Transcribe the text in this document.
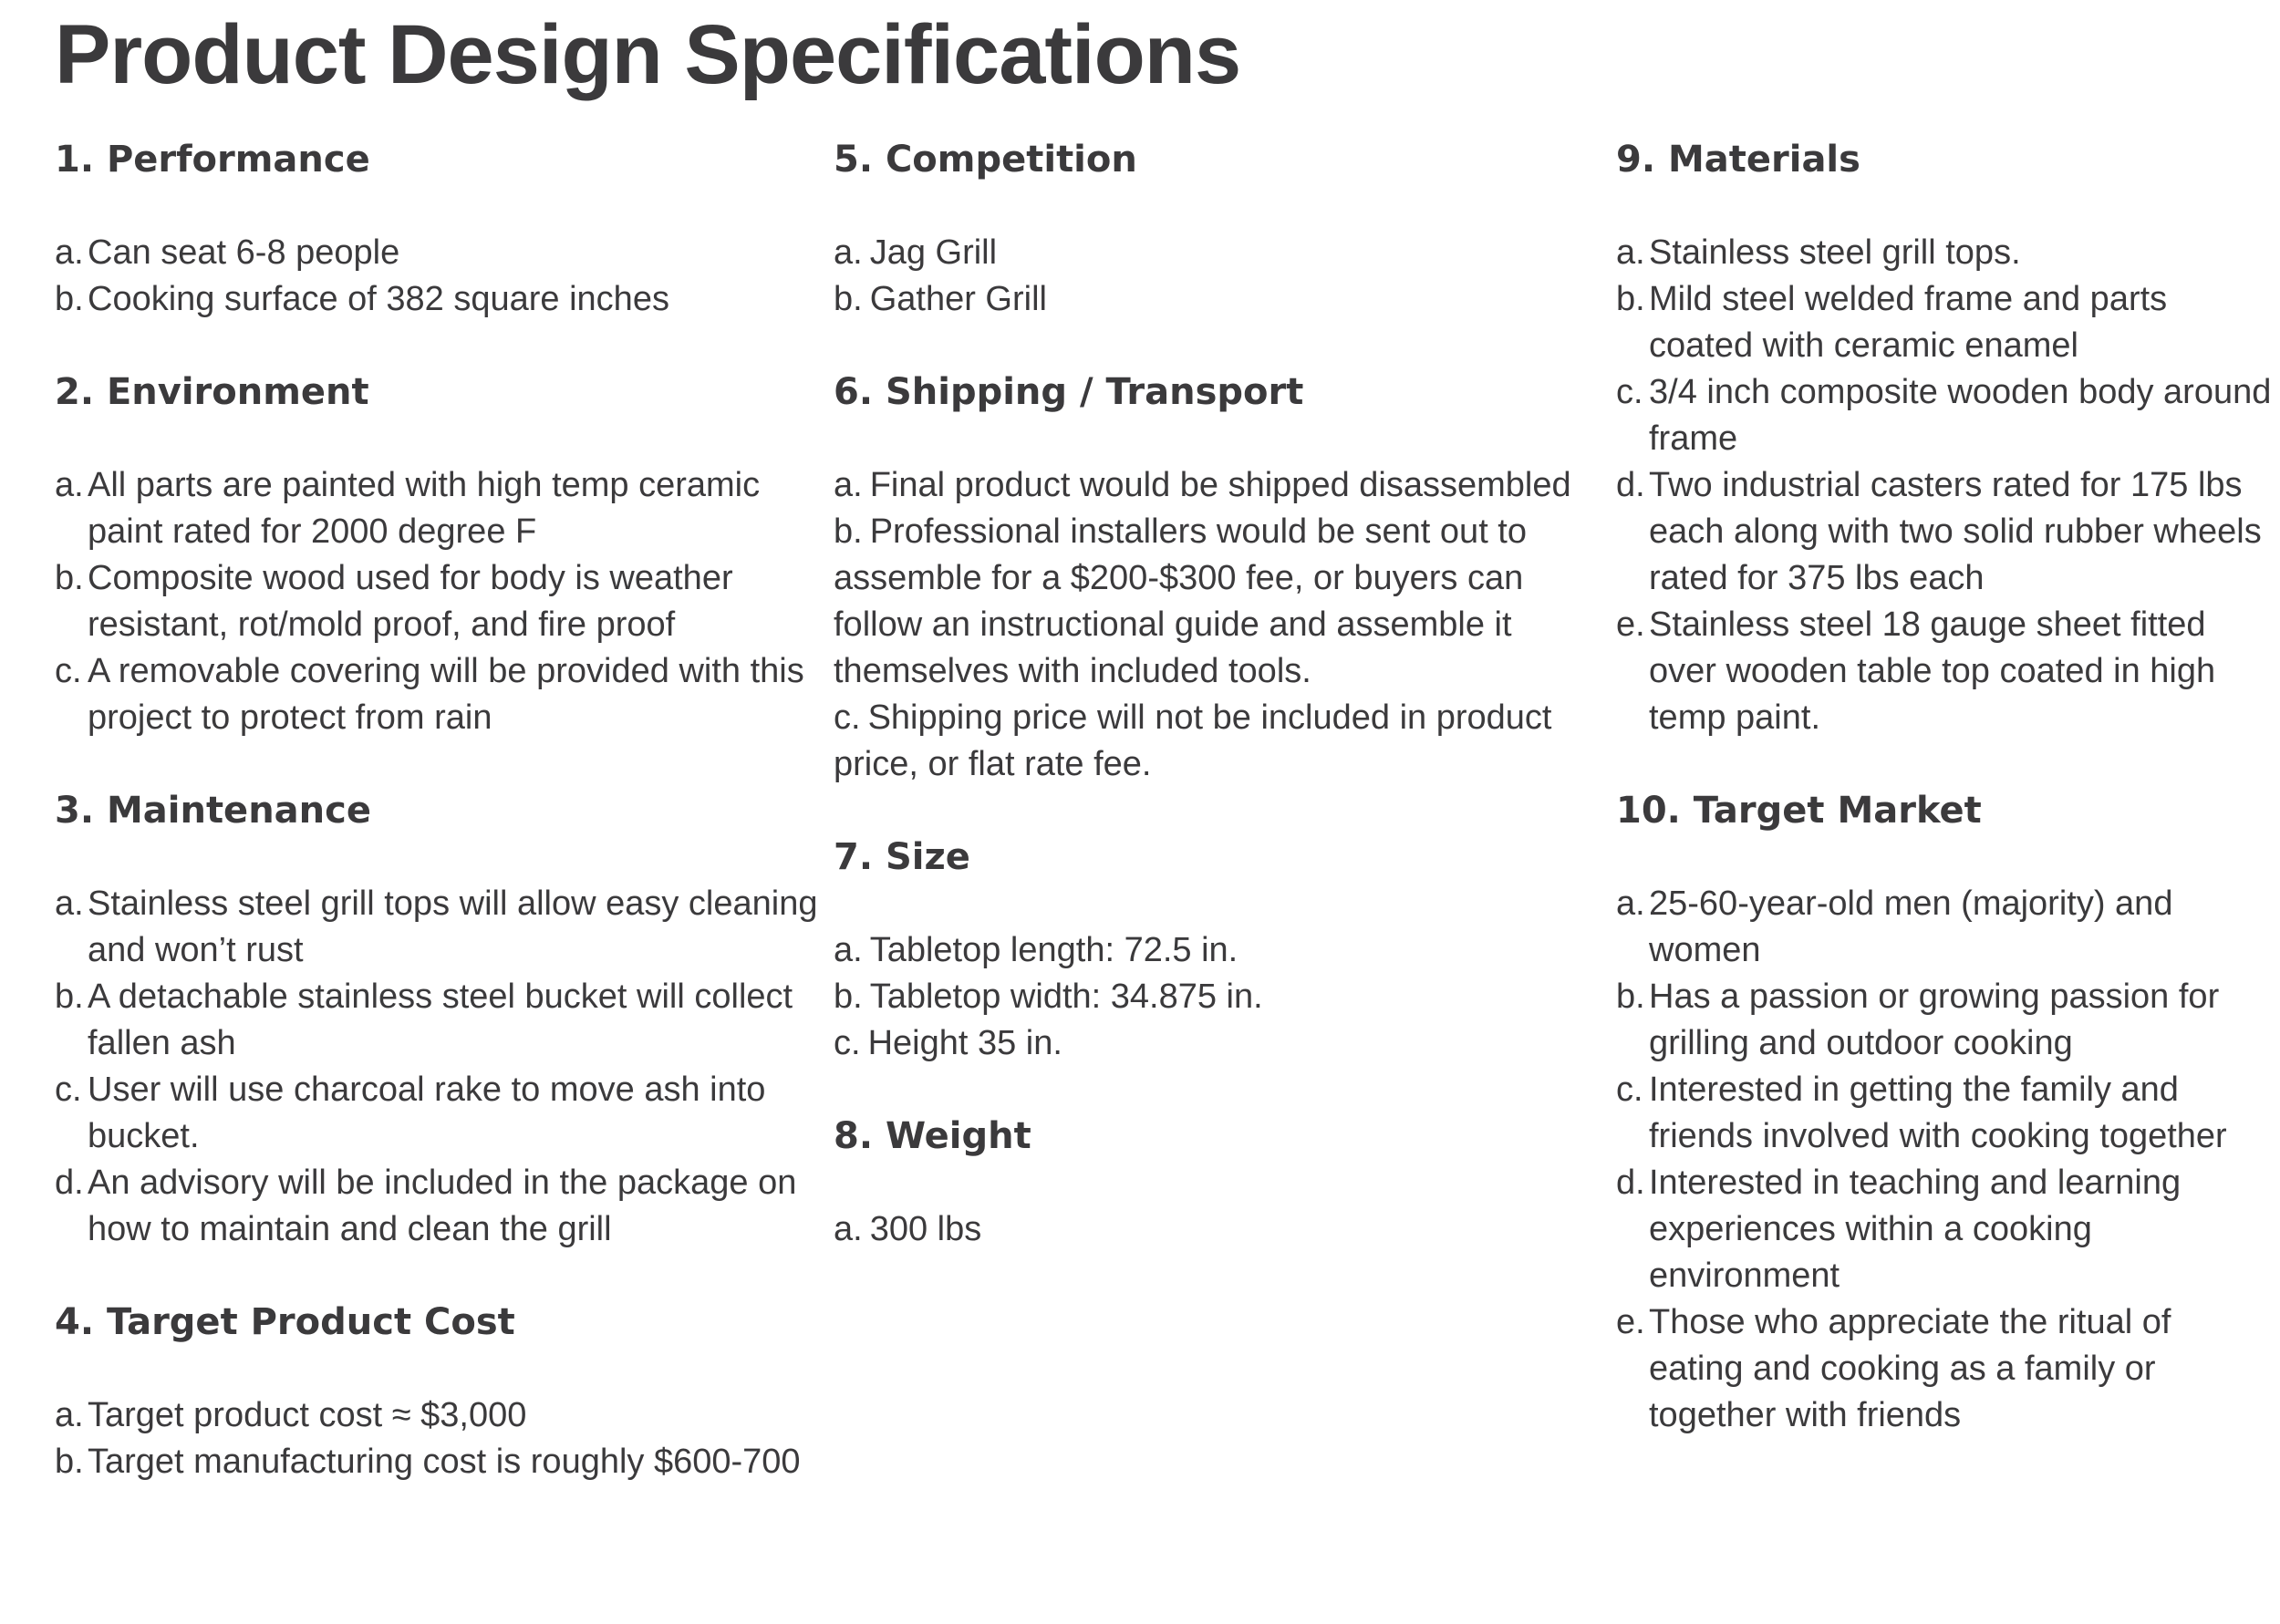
Product Design Specifications
1. Performance

a. Can seat 6-8 people

b. Cooking surface of 382 square inches

2. Environment

a. All parts are painted with high temp ceramic paint rated for 2000 degree F

b. Composite wood used for body is weather resistant, rot/mold proof, and fire proof

c. A removable covering will be provided with this project to protect from rain

3. Maintenance

a. Stainless steel grill tops will allow easy cleaning and won’t rust

b. A detachable stainless steel bucket will collect fallen ash

c. User will use charcoal rake to move ash into bucket.

d. An advisory will be included in the package on how to maintain and clean the grill

4. Target Product Cost

a. Target product cost ≈ $3,000

b. Target manufacturing cost is roughly $600-700

5. Competition

a. Jag Grill

b. Gather Grill

6. Shipping / Transport

a. Final product would be shipped disassembled

b. Professional installers would be sent out to assemble for a $200-$300 fee, or buyers can follow an instructional guide and assemble it themselves with included tools.

c. Shipping price will not be included in product price, or flat rate fee.

7. Size

a. Tabletop length: 72.5 in.

b. Tabletop width: 34.875 in.

c. Height 35 in.

8. Weight

a. 300 lbs

9. Materials

a. Stainless steel grill tops.

b. Mild steel welded frame and parts coated with ceramic enamel

c. 3/4 inch composite wooden body around frame

d. Two industrial casters rated for 175 lbs each along with two solid rubber wheels rated for 375 lbs each

e. Stainless steel 18 gauge sheet fitted over wooden table top coated in high temp paint.

10. Target Market

a. 25-60-year-old men (majority) and women

b. Has a passion or growing passion for grilling and outdoor cooking

c. Interested in getting the family and friends involved with cooking together

d. Interested in teaching and learning experiences within a cooking environment

e. Those who appreciate the ritual of eating and cooking as a family or together with friends
